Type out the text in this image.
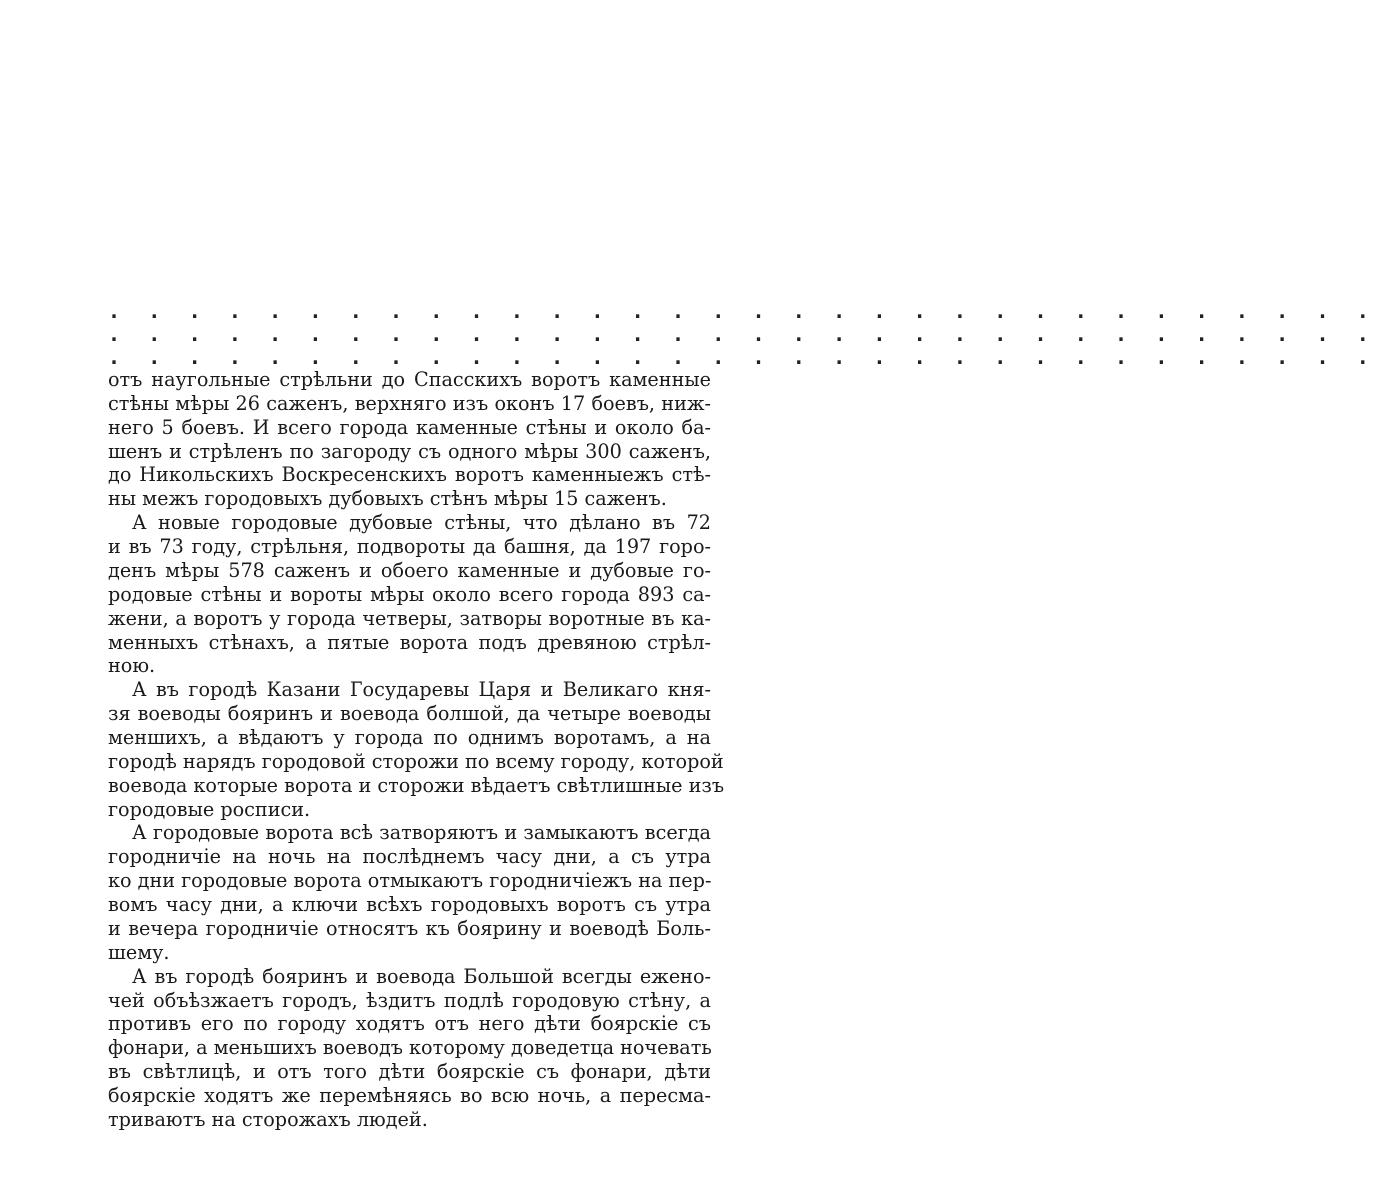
. . . . . . . . . . . . . . . . . . . . . . . . . . . . . . . .
. . . . . . . . . . . . . . . . . . . . . . . . . . . . . . . .
. . . . . . . . . . . . . . . . . . . . . . . . . . . . . . . .
отъ наугольные стрѣльни до Спасскихъ воротъ каменные
стѣны мѣры 26 саженъ, верхняго изъ оконъ 17 боевъ, ниж-
него 5 боевъ. И всего города каменные стѣны и около ба-
шенъ и стрѣленъ по загороду съ одного мѣры 300 саженъ,
до Никольскихъ Воскресенскихъ воротъ каменныежъ стѣ-
ны межъ городовыхъ дубовыхъ стѣнъ мѣры 15 саженъ.
А новые городовые дубовые стѣны, что дѣлано въ 72
и въ 73 году, стрѣльня, подвороты да башня, да 197 горо-
денъ мѣры 578 саженъ и обоего каменные и дубовые го-
родовые стѣны и вороты мѣры около всего города 893 са-
жени, а воротъ у города четверы, затворы воротные въ ка-
менныхъ стѣнахъ, а пятые ворота подъ древяною стрѣл-
ною.
А въ городѣ Казани Государевы Царя и Великаго кня-
зя воеводы бояринъ и воевода болшой, да четыре воеводы
меншихъ, а вѣдаютъ у города по однимъ воротамъ, а на
городѣ нарядъ городовой сторожи по всему городу, которой
воевода которые ворота и сторожи вѣдаетъ свѣтлишные изъ
городовые росписи.
А городовые ворота всѣ затворяютъ и замыкаютъ всегда
городничіе на ночь на послѣднемъ часу дни, а съ утра
ко дни городовые ворота отмыкаютъ городничіежъ на пер-
вомъ часу дни, а ключи всѣхъ городовыхъ воротъ съ утра
и вечера городничіе относятъ къ боярину и воеводѣ Боль-
шему.
А въ городѣ бояринъ и воевода Большой всегды ежено-
чей объѣзжаетъ городъ, ѣздитъ подлѣ городовую стѣну, а
противъ его по городу ходятъ отъ него дѣти боярскіе съ
фонари, а меньшихъ воеводъ которому доведетца ночевать
въ свѣтлицѣ, и отъ того дѣти боярскіе съ фонари, дѣти
боярскіе ходятъ же перемѣняясь во всю ночь, а пересма-
триваютъ на сторожахъ людей.
